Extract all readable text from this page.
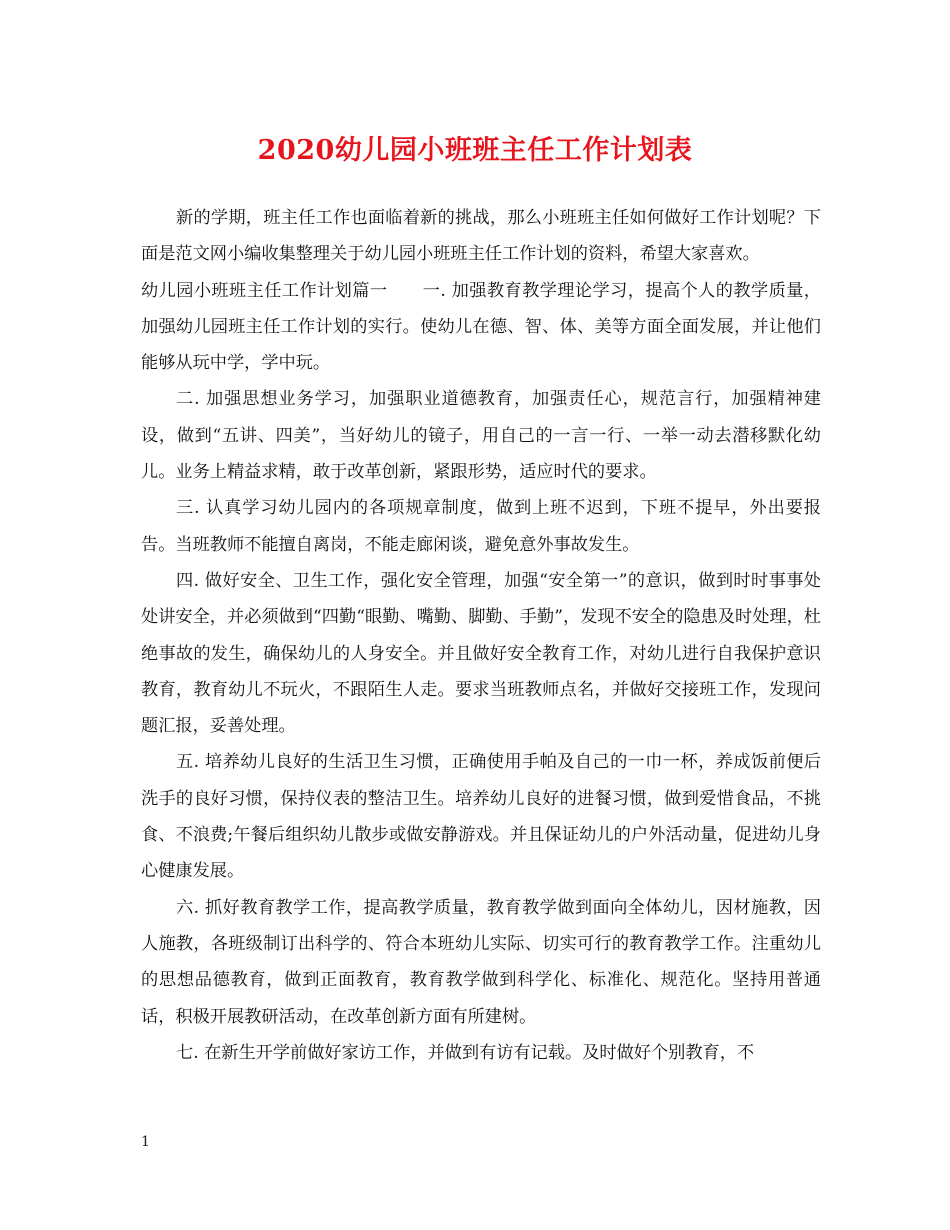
2020幼儿园小班班主任工作计划表

新的学期，班主任工作也面临着新的挑战，那么小班班主任如何做好工作计划呢？下面是范文网小编收集整理关于幼儿园小班班主任工作计划的资料，希望大家喜欢。

幼儿园小班班主任工作计划篇一　　一. 加强教育教学理论学习，提高个人的教学质量，加强幼儿园班主任工作计划的实行。使幼儿在德、智、体、美等方面全面发展，并让他们能够从玩中学，学中玩。

二. 加强思想业务学习，加强职业道德教育，加强责任心，规范言行，加强精神建设，做到“五讲、四美”，当好幼儿的镜子，用自己的一言一行、一举一动去潜移默化幼儿。业务上精益求精，敢于改革创新，紧跟形势，适应时代的要求。

三. 认真学习幼儿园内的各项规章制度，做到上班不迟到，下班不提早，外出要报告。当班教师不能擅自离岗，不能走廊闲谈，避免意外事故发生。

四. 做好安全、卫生工作，强化安全管理，加强“安全第一”的意识，做到时时事事处处讲安全，并必须做到“四勤“眼勤、嘴勤、脚勤、手勤”，发现不安全的隐患及时处理，杜绝事故的发生，确保幼儿的人身安全。并且做好安全教育工作，对幼儿进行自我保护意识教育，教育幼儿不玩火，不跟陌生人走。要求当班教师点名，并做好交接班工作，发现问题汇报，妥善处理。

五. 培养幼儿良好的生活卫生习惯，正确使用手帕及自己的一巾一杯，养成饭前便后洗手的良好习惯，保持仪表的整洁卫生。培养幼儿良好的进餐习惯，做到爱惜食品，不挑食、不浪费;午餐后组织幼儿散步或做安静游戏。并且保证幼儿的户外活动量，促进幼儿身心健康发展。

六. 抓好教育教学工作，提高教学质量，教育教学做到面向全体幼儿，因材施教，因人施教，各班级制订出科学的、符合本班幼儿实际、切实可行的教育教学工作。注重幼儿的思想品德教育，做到正面教育，教育教学做到科学化、标准化、规范化。坚持用普通话，积极开展教研活动，在改革创新方面有所建树。

七. 在新生开学前做好家访工作，并做到有访有记载。及时做好个别教育，不

1
